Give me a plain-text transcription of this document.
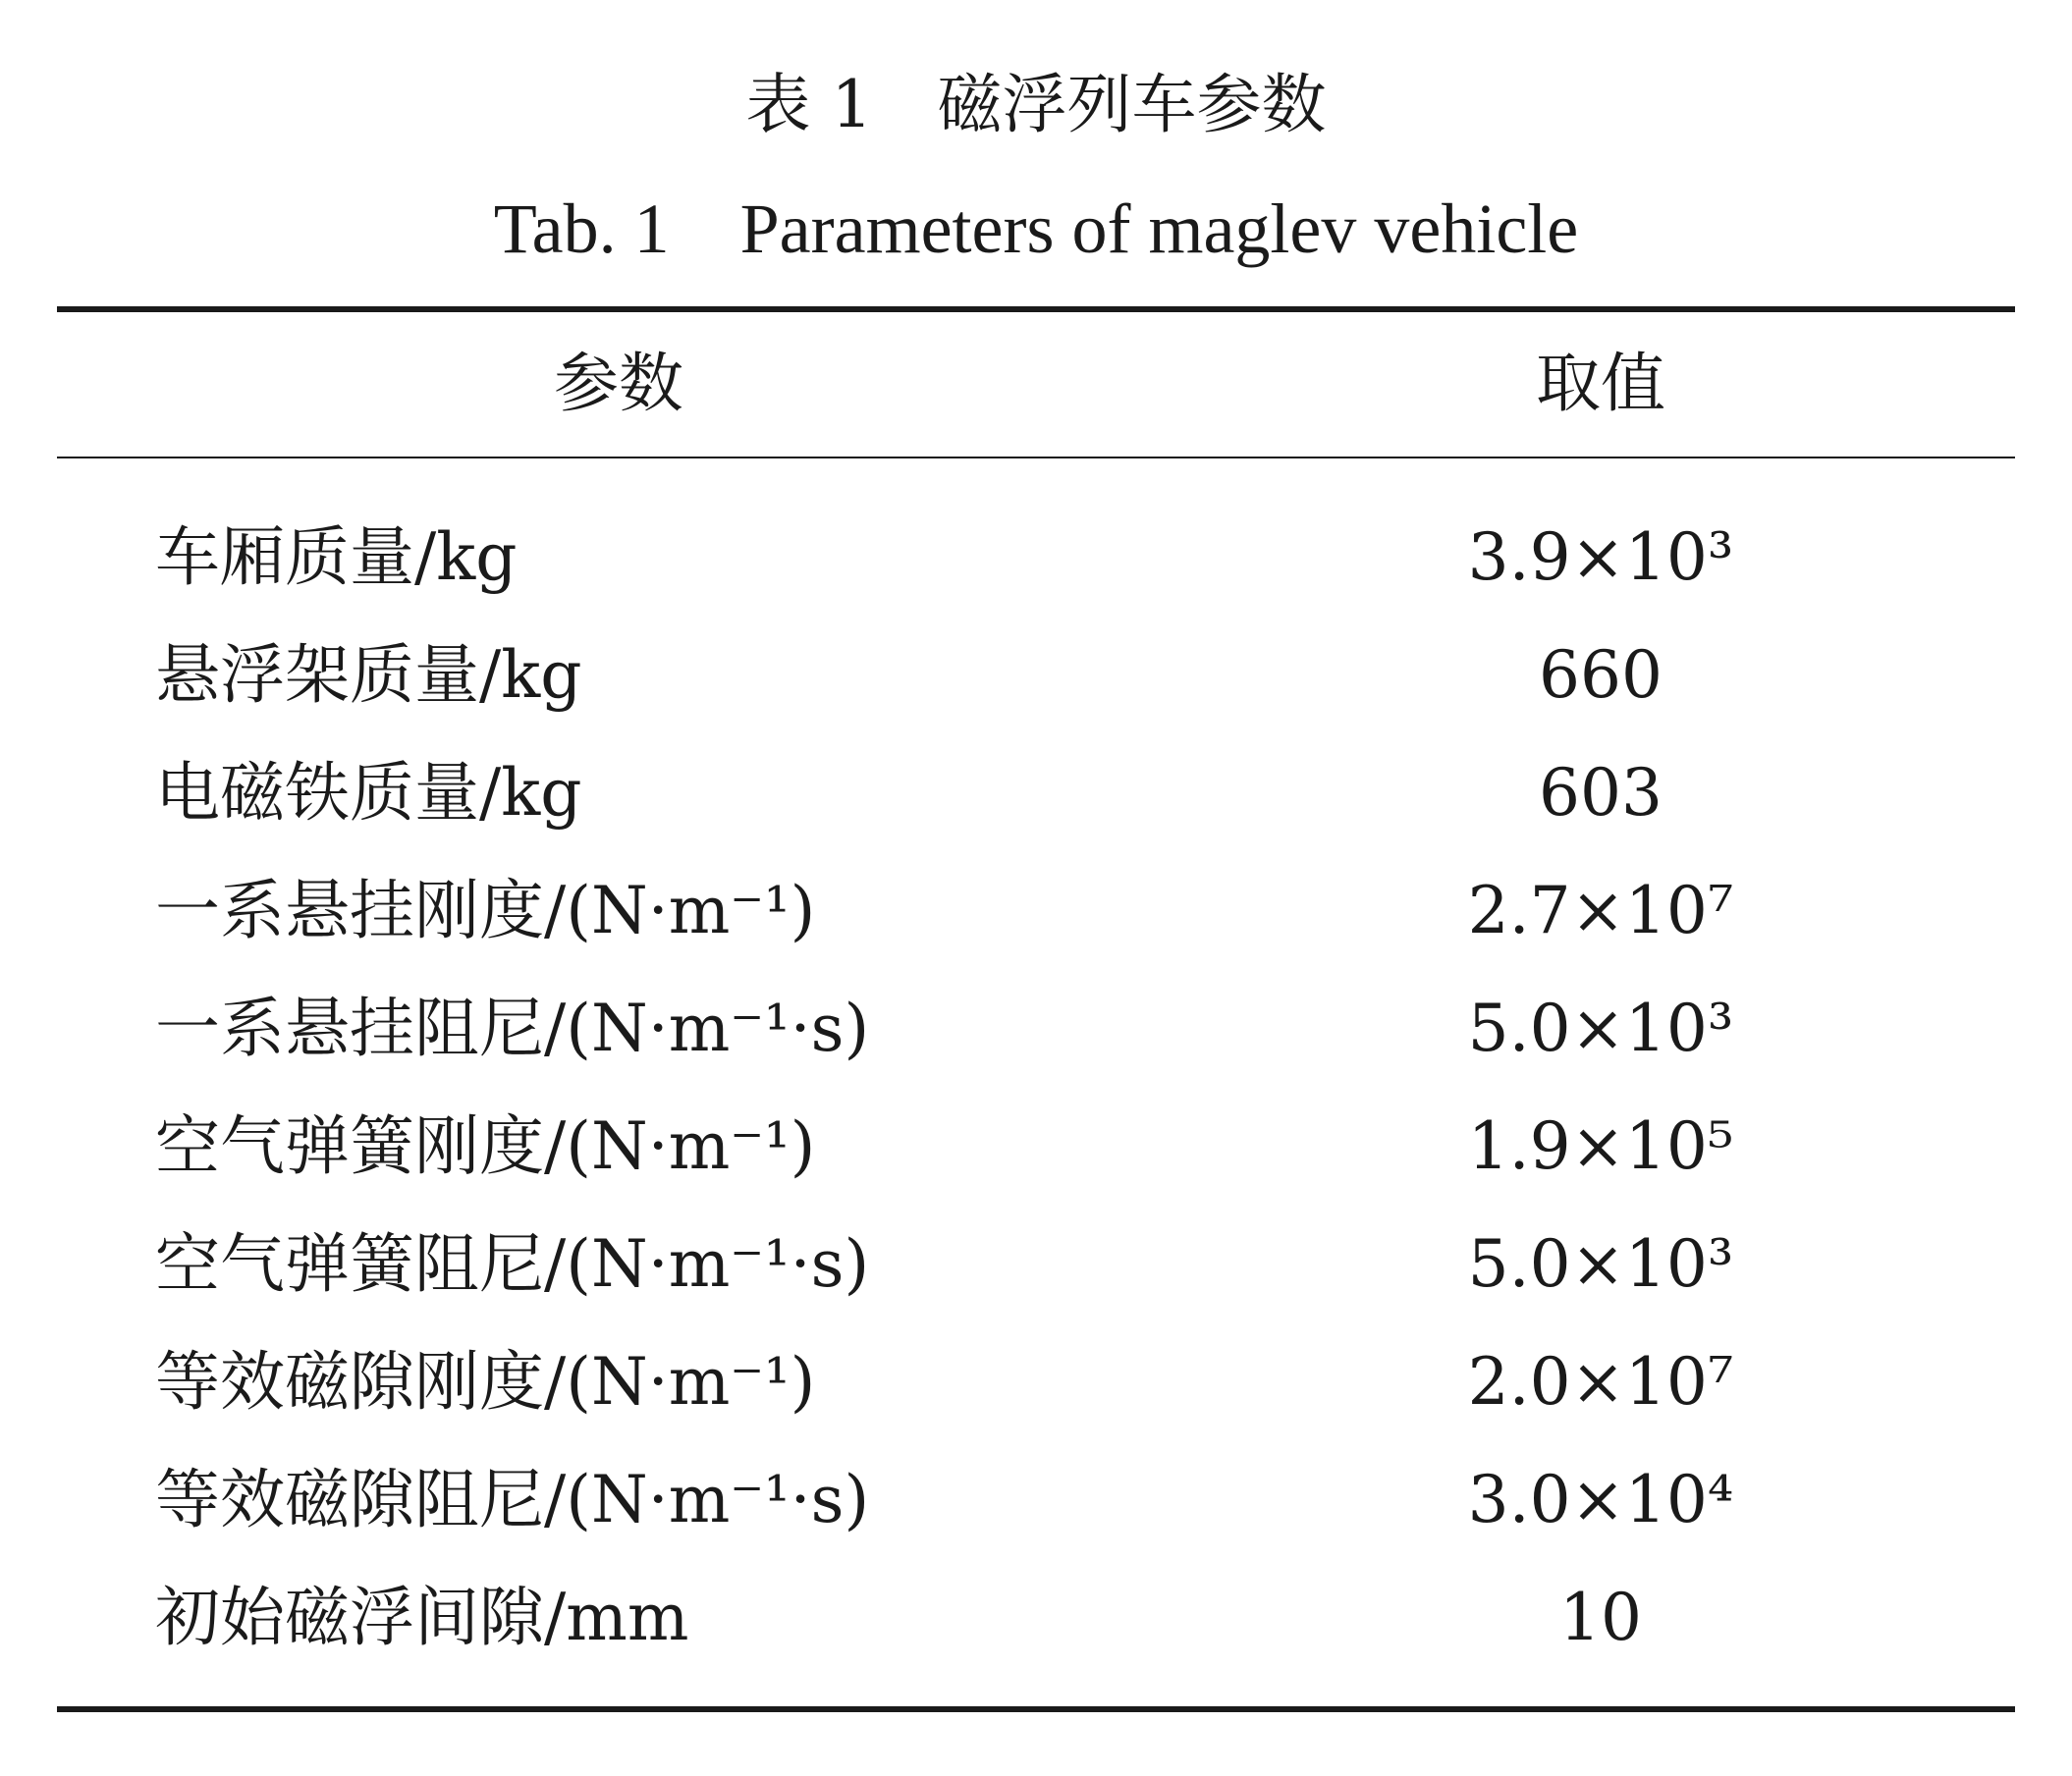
表 1　磁浮列车参数
Tab. 1　Parameters of maglev vehicle
参数	取值
车厢质量/kg	3.9×10³
悬浮架质量/kg	660
电磁铁质量/kg	603
一系悬挂刚度/(N·m⁻¹)	2.7×10⁷
一系悬挂阻尼/(N·m⁻¹·s)	5.0×10³
空气弹簧刚度/(N·m⁻¹)	1.9×10⁵
空气弹簧阻尼/(N·m⁻¹·s)	5.0×10³
等效磁隙刚度/(N·m⁻¹)	2.0×10⁷
等效磁隙阻尼/(N·m⁻¹·s)	3.0×10⁴
初始磁浮间隙/mm	10
